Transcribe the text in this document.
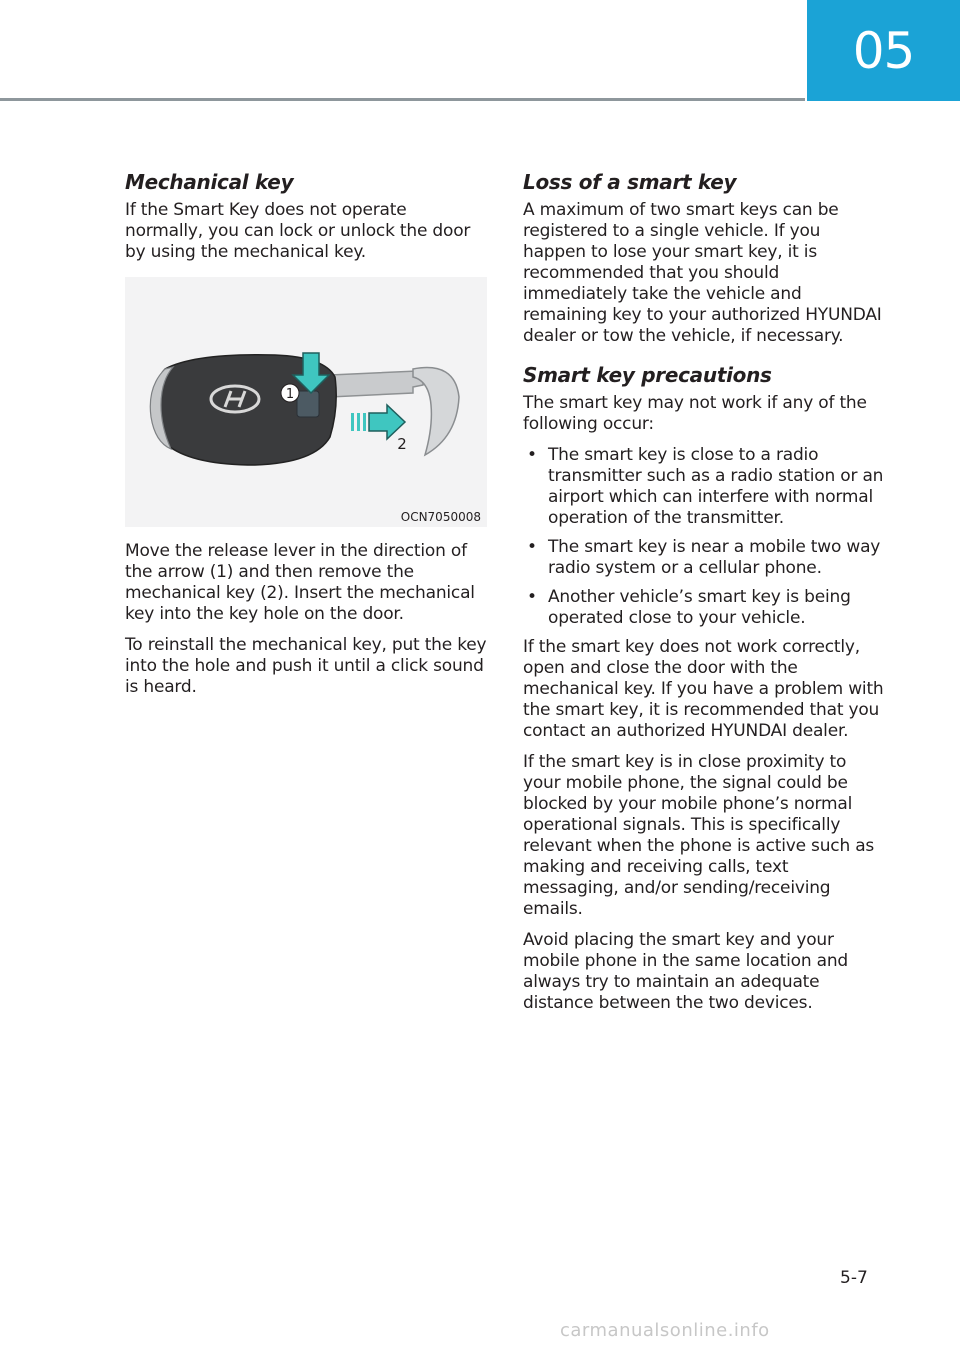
05
Mechanical key

If the Smart Key does not operate normally, you can lock or unlock the door by using the mechanical key.

1
2
OCN7050008

Move the release lever in the direction of the arrow (1) and then remove the mechanical key (2). Insert the mechanical key into the key hole on the door.

To reinstall the mechanical key, put the key into the hole and push it until a click sound is heard.

Loss of a smart key

A maximum of two smart keys can be registered to a single vehicle. If you happen to lose your smart key, it is recommended that you should immediately take the vehicle and remaining key to your authorized HYUNDAI dealer or tow the vehicle, if necessary.

Smart key precautions

The smart key may not work if any of the following occur:

• The smart key is close to a radio transmitter such as a radio station or an airport which can interfere with normal operation of the transmitter.
• The smart key is near a mobile two way radio system or a cellular phone.
• Another vehicle’s smart key is being operated close to your vehicle.

If the smart key does not work correctly, open and close the door with the mechanical key. If you have a problem with the smart key, it is recommended that you contact an authorized HYUNDAI dealer.

If the smart key is in close proximity to your mobile phone, the signal could be blocked by your mobile phone’s normal operational signals. This is specifically relevant when the phone is active such as making and receiving calls, text messaging, and/or sending/receiving emails.

Avoid placing the smart key and your mobile phone in the same location and always try to maintain an adequate distance between the two devices.

5-7
carmanualsonline.info
